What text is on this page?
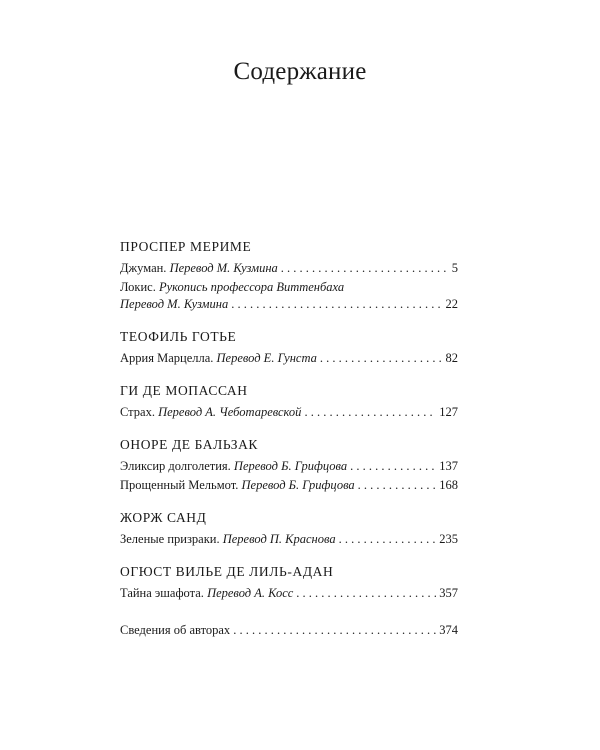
Содержание
ПРОСПЕР МЕРИМЕ
Джуман. Перевод М. Кузмина . . .	5
Локис. Рукопись профессора Виттенбаха
Перевод М. Кузмина . . .	22
ТЕОФИЛЬ ГОТЬЕ
Аррия Марцелла. Перевод Е. Гунста . . .	82
ГИ ДЕ МОПАССАН
Страх. Перевод А. Чеботаревской . . .	127
ОНОРЕ ДЕ БАЛЬЗАК
Эликсир долголетия. Перевод Б. Грифцова . . .	137
Прощенный Мельмот. Перевод Б. Грифцова . . .	168
ЖОРЖ САНД
Зеленые призраки. Перевод П. Краснова . . .	235
ОГЮСТ ВИЛЬЕ ДЕ ЛИЛЬ-АДАН
Тайна эшафота. Перевод А. Косс . . .	357
Сведения об авторах . . .	374
